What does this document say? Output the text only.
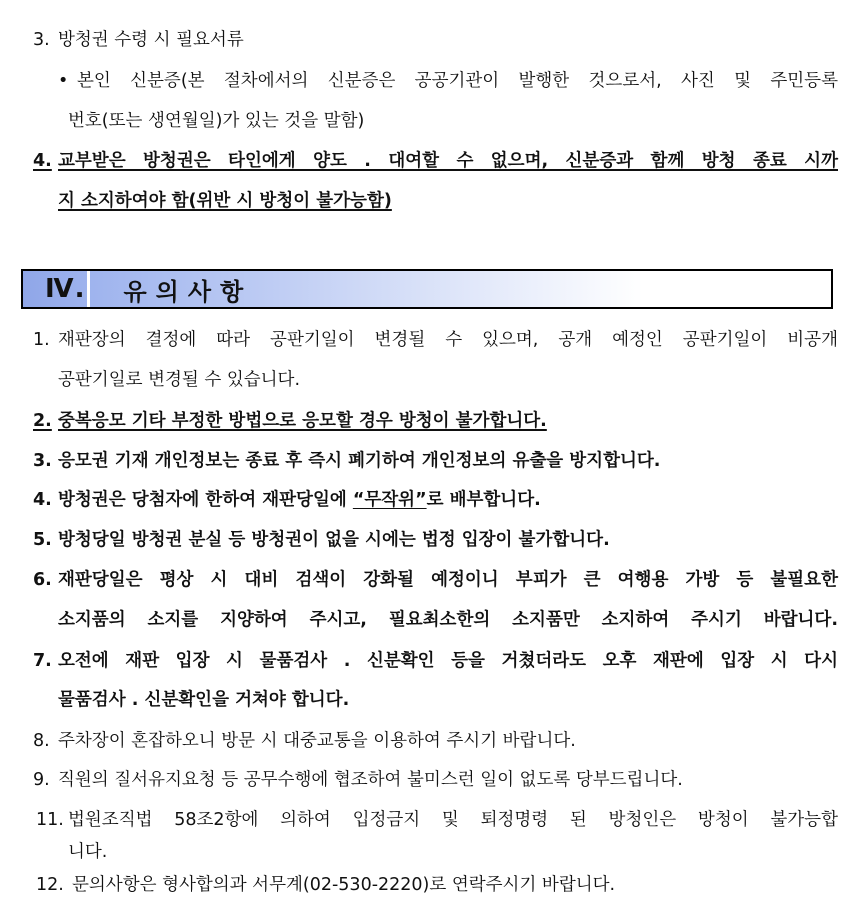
3. 방청권 수령 시 필요서류
• 본인 신분증(본 절차에서의 신분증은 공공기관이 발행한 것으로서, 사진 및 주민등록
번호(또는 생연월일)가 있는 것을 말함)
4. 교부받은 방청권은 타인에게 양도 . 대여할 수 없으며, 신분증과 함께 방청 종료 시까
지 소지하여야 함(위반 시 방청이 불가능함)
Ⅳ. 유의사항
1. 재판장의 결정에 따라 공판기일이 변경될 수 있으며, 공개 예정인 공판기일이 비공개
공판기일로 변경될 수 있습니다.
2. 중복응모 기타 부정한 방법으로 응모할 경우 방청이 불가합니다.
3. 응모권 기재 개인정보는 종료 후 즉시 폐기하여 개인정보의 유출을 방지합니다.
4. 방청권은 당첨자에 한하여 재판당일에 “무작위”로 배부합니다.
5. 방청당일 방청권 분실 등 방청권이 없을 시에는 법정 입장이 불가합니다.
6. 재판당일은 평상 시 대비 검색이 강화될 예정이니 부피가 큰 여행용 가방 등 불필요한
소지품의 소지를 지양하여 주시고, 필요최소한의 소지품만 소지하여 주시기 바랍니다.
7. 오전에 재판 입장 시 물품검사 . 신분확인 등을 거쳤더라도 오후 재판에 입장 시 다시
물품검사 . 신분확인을 거쳐야 합니다.
8. 주차장이 혼잡하오니 방문 시 대중교통을 이용하여 주시기 바랍니다.
9. 직원의 질서유지요청 등 공무수행에 협조하여 불미스런 일이 없도록 당부드립니다.
11. 법원조직법 58조2항에 의하여 입정금지 및 퇴정명령 된 방청인은 방청이 불가능합
니다.
12. 문의사항은 형사합의과 서무계(02-530-2220)로 연락주시기 바랍니다.
